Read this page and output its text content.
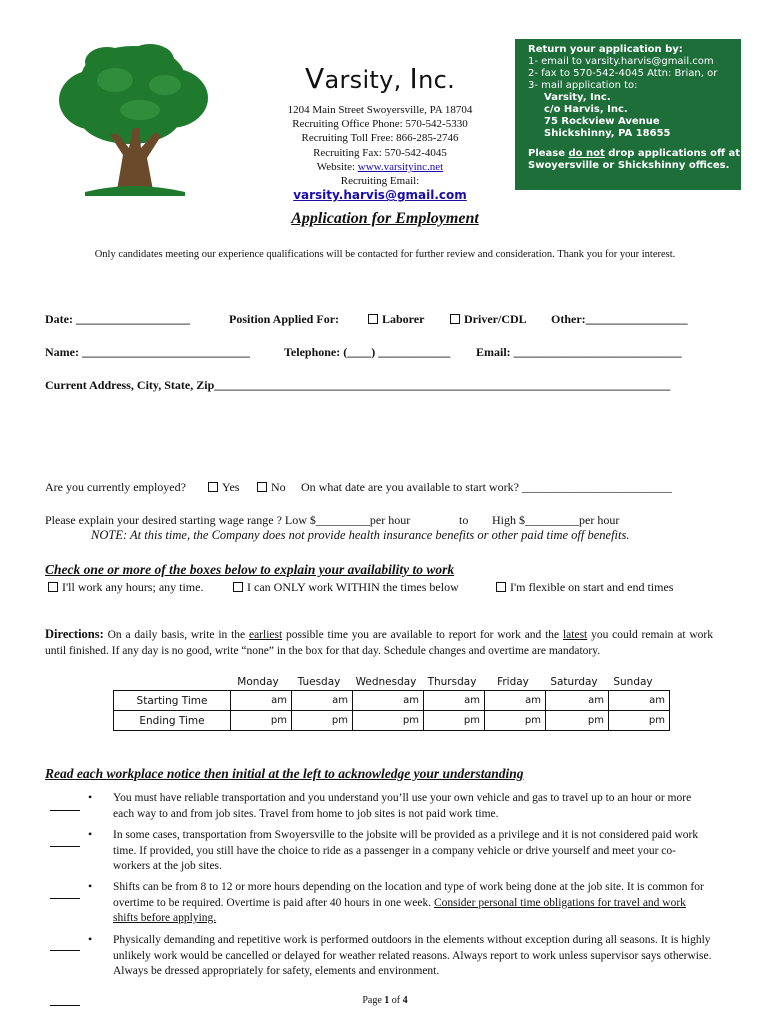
Varsity, Inc.
1204 Main Street Swoyersville, PA 18704
Recruiting Office Phone: 570-542-5330
Recruiting Toll Free: 866-285-2746
Recruiting Fax: 570-542-4045
Website: www.varsityinc.net
Recruiting Email: varsity.harvis@gmail.com
Return your application by:
1- email to varsity.harvis@gmail.com
2- fax to 570-542-4045 Attn: Brian, or
3- mail application to:
Varsity, Inc.
c/o Harvis, Inc.
75 Rockview Avenue
Shickshinny, PA 18655
Please do not drop applications off at Swoyersville or Shickshinny offices.
Application for Employment
Only candidates meeting our experience qualifications will be contacted for further review and consideration. Thank you for your interest.
Date: ___________________	Position Applied For:	Laborer	Driver/CDL Other:_________________
Name: ____________________________	Telephone: (____) ____________ Email: ____________________________
Current Address, City, State, Zip____________________________________________________________________________
Are you currently employed?	Yes	No On what date are you available to start work? _________________________
Please explain your desired starting wage range ? Low $_________per hour	to High $_________per hour
NOTE: At this time, the Company does not provide health insurance benefits or other paid time off benefits.
Check one or more of the boxes below to explain your availability to work
I'll work any hours; any time.	I can ONLY work WITHIN the times below	I'm flexible on start and end times
Directions: On a daily basis, write in the earliest possible time you are available to report for work and the latest you could remain at work until finished. If any day is no good, write “none” in the box for that day. Schedule changes and overtime are mandatory.
Monday	Tuesday	Wednesday	Thursday	Friday	Saturday	Sunday
Starting Time	am	am	am	am	am	am	am
Ending Time	pm	pm	pm	pm	pm	pm	pm
Read each workplace notice then initial at the left to acknowledge your understanding
• You must have reliable transportation and you understand you’ll use your own vehicle and gas to travel up to an hour or more each way to and from job sites. Travel from home to job sites is not paid work time.
• In some cases, transportation from Swoyersville to the jobsite will be provided as a privilege and it is not considered paid work time. If provided, you still have the choice to ride as a passenger in a company vehicle or drive yourself and meet your co-workers at the job sites.
• Shifts can be from 8 to 12 or more hours depending on the location and type of work being done at the job site. It is common for overtime to be required. Overtime is paid after 40 hours in one week. Consider personal time obligations for travel and work shifts before applying.
• Physically demanding and repetitive work is performed outdoors in the elements without exception during all seasons. It is highly unlikely work would be cancelled or delayed for weather related reasons. Always report to work unless supervisor says otherwise. Always be dressed appropriately for safety, elements and environment.
Page 1 of 4
